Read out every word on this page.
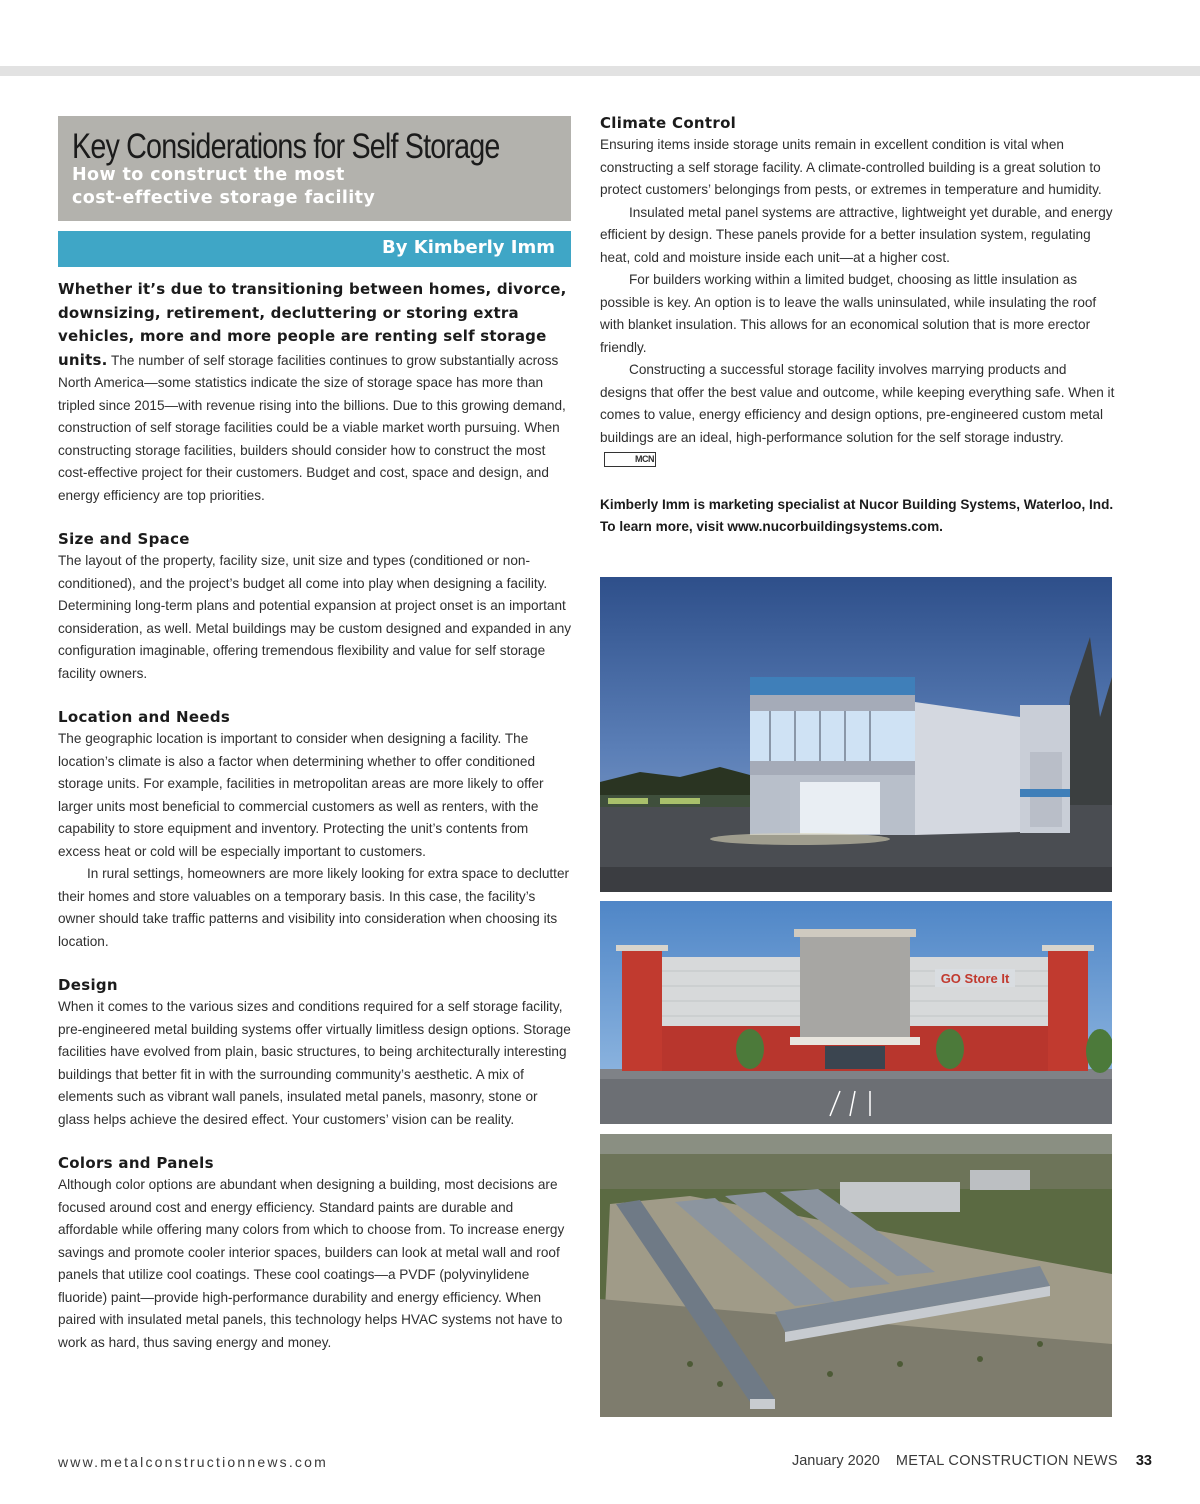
Key Considerations for Self Storage
How to construct the most
cost-effective storage facility
By Kimberly Imm

Whether it’s due to transitioning between homes, divorce, downsizing, retirement, decluttering or storing extra vehicles, more and more people are renting self storage units. The number of self storage facilities continues to grow substantially across North America—some statistics indicate the size of storage space has more than tripled since 2015—with revenue rising into the billions. Due to this growing demand, construction of self storage facilities could be a viable market worth pursuing. When constructing storage facilities, builders should consider how to construct the most cost-effective project for their customers. Budget and cost, space and design, and energy efficiency are top priorities.

Size and Space

The layout of the property, facility size, unit size and types (conditioned or non-conditioned), and the project’s budget all come into play when designing a facility. Determining long-term plans and potential expansion at project onset is an important consideration, as well. Metal buildings may be custom designed and expanded in any configuration imaginable, offering tremendous flexibility and value for self storage facility owners.

Location and Needs

The geographic location is important to consider when designing a facility. The location’s climate is also a factor when determining whether to offer conditioned storage units. For example, facilities in metropolitan areas are more likely to offer larger units most beneficial to commercial customers as well as renters, with the capability to store equipment and inventory. Protecting the unit’s contents from excess heat or cold will be especially important to customers.

In rural settings, homeowners are more likely looking for extra space to declutter their homes and store valuables on a temporary basis. In this case, the facility’s owner should take traffic patterns and visibility into consideration when choosing its location.

Design

When it comes to the various sizes and conditions required for a self storage facility, pre-engineered metal building systems offer virtually limitless design options. Storage facilities have evolved from plain, basic structures, to being architecturally interesting buildings that better fit in with the surrounding community’s aesthetic. A mix of elements such as vibrant wall panels, insulated metal panels, masonry, stone or glass helps achieve the desired effect. Your customers’ vision can be reality.

Colors and Panels

Although color options are abundant when designing a building, most decisions are focused around cost and energy efficiency. Standard paints are durable and affordable while offering many colors from which to choose from. To increase energy savings and promote cooler interior spaces, builders can look at metal wall and roof panels that utilize cool coatings. These cool coatings—a PVDF (polyvinylidene fluoride) paint—provide high-performance durability and energy efficiency. When paired with insulated metal panels, this technology helps HVAC systems not have to work as hard, thus saving energy and money.

Climate Control

Ensuring items inside storage units remain in excellent condition is vital when constructing a self storage facility. A climate-controlled building is a great solution to protect customers’ belongings from pests, or extremes in temperature and humidity.

Insulated metal panel systems are attractive, lightweight yet durable, and energy efficient by design. These panels provide for a better insulation system, regulating heat, cold and moisture inside each unit—at a higher cost.

For builders working within a limited budget, choosing as little insulation as possible is key. An option is to leave the walls uninsulated, while insulating the roof with blanket insulation. This allows for an economical solution that is more erector friendly.

Constructing a successful storage facility involves marrying products and designs that offer the best value and outcome, while keeping everything safe. When it comes to value, energy efficiency and design options, pre-engineered custom metal buildings are an ideal, high-performance solution for the self storage industry.MCN

Kimberly Imm is marketing specialist at Nucor Building Systems, Waterloo, Ind. To learn more, visit www.nucorbuildingsystems.com.

GO Store It
www.metalconstructionnews.com	January 2020 METAL CONSTRUCTION NEWS 33
